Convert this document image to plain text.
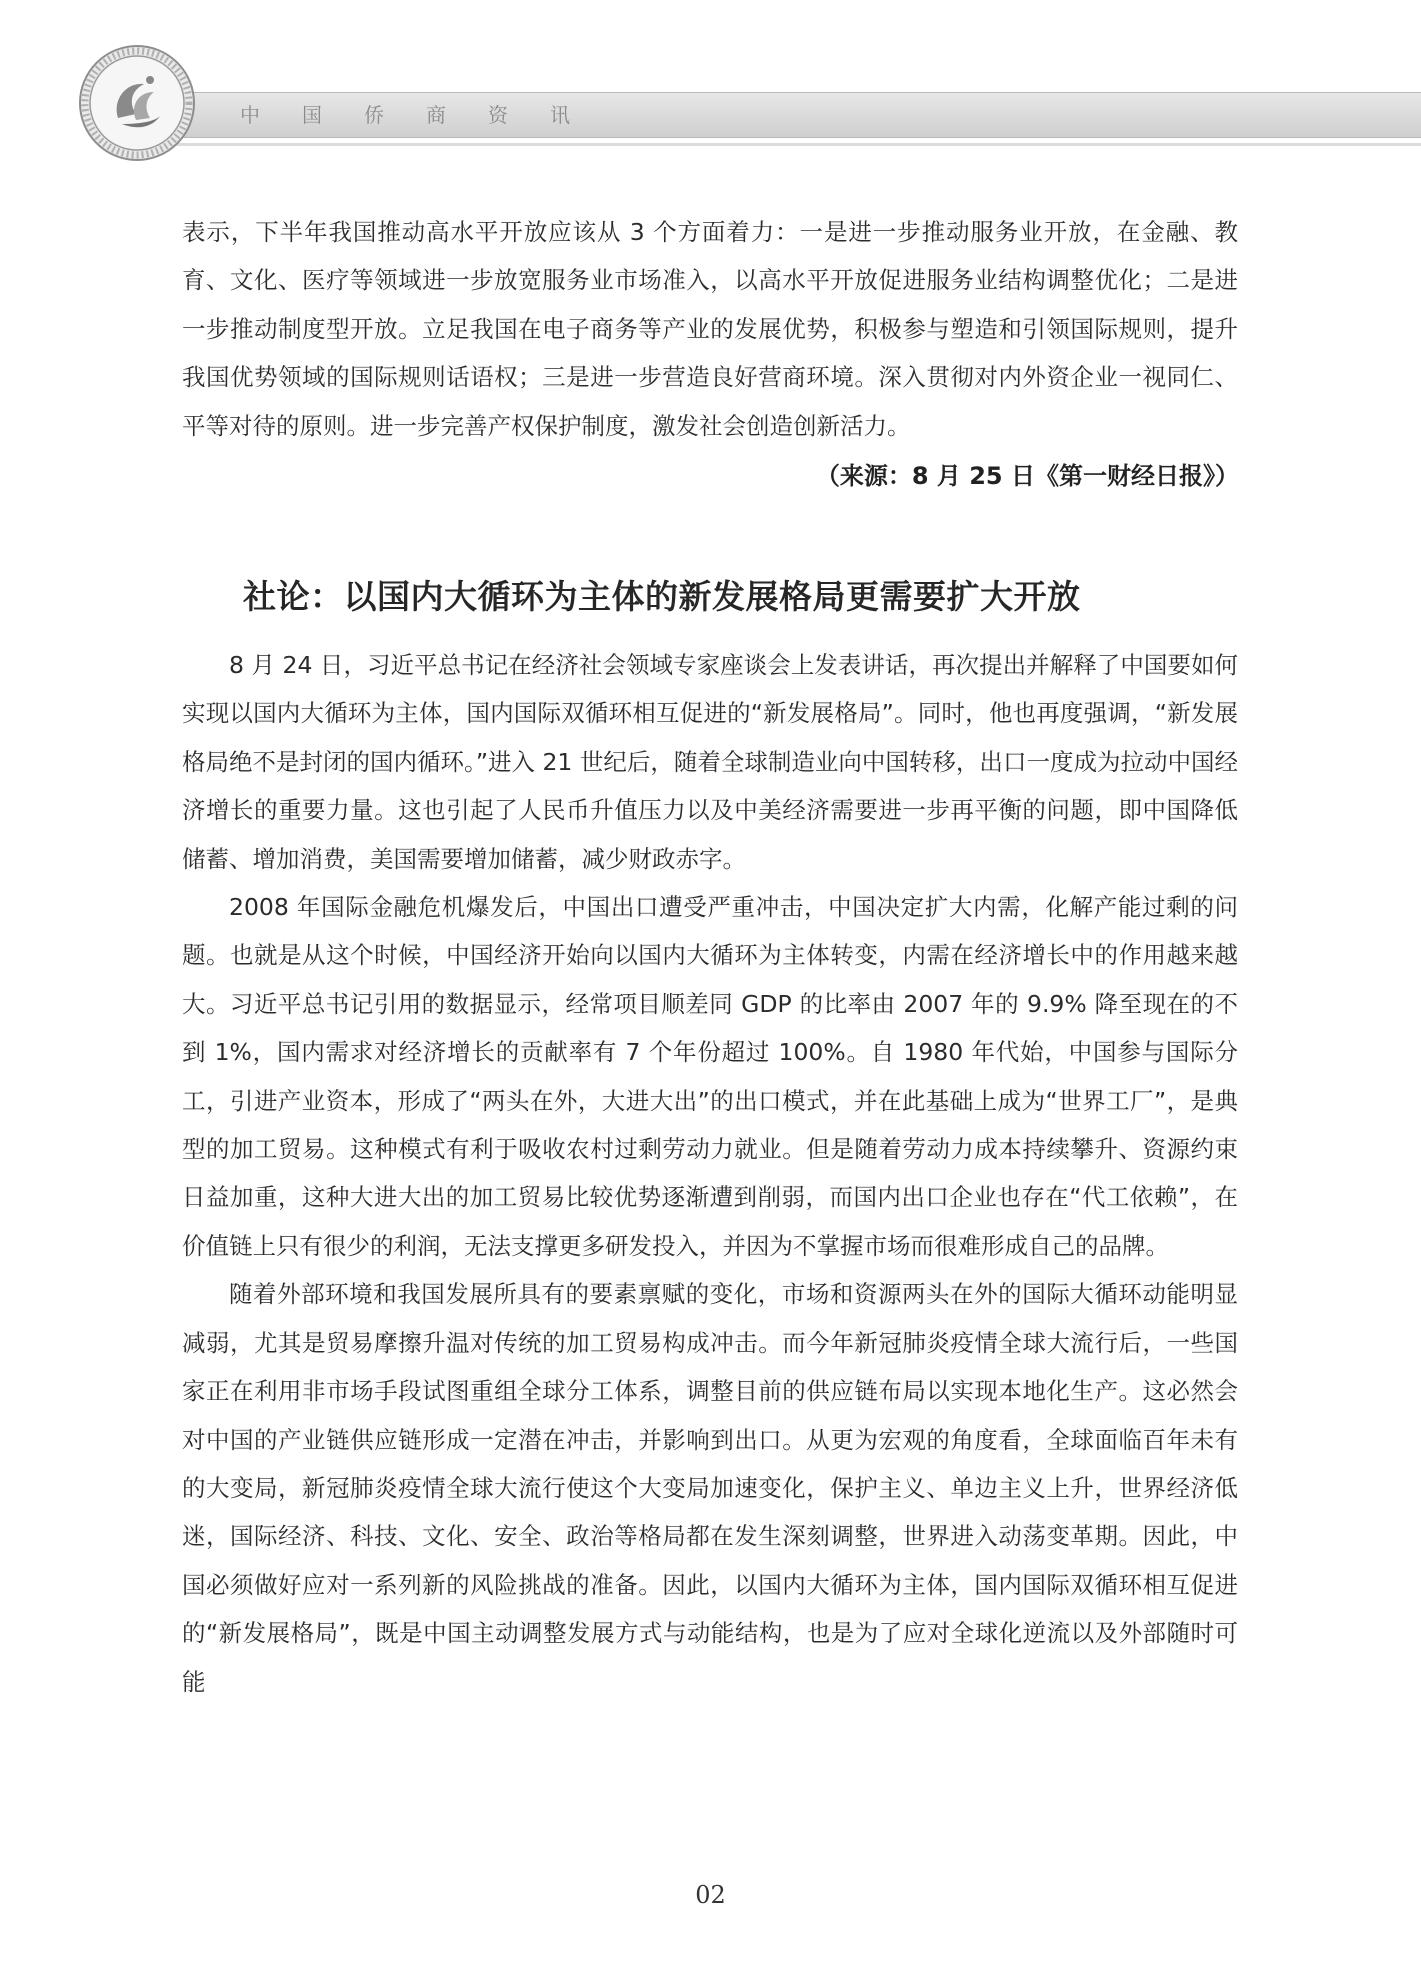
中国侨商资讯

表示，下半年我国推动高水平开放应该从 3 个方面着力：一是进一步推动服务业开放，在金融、教育、文化、医疗等领域进一步放宽服务业市场准入，以高水平开放促进服务业结构调整优化；二是进一步推动制度型开放。立足我国在电子商务等产业的发展优势，积极参与塑造和引领国际规则，提升我国优势领域的国际规则话语权；三是进一步营造良好营商环境。深入贯彻对内外资企业一视同仁、平等对待的原则。进一步完善产权保护制度，激发社会创造创新活力。

（来源：8 月 25 日《第一财经日报》）
社论：以国内大循环为主体的新发展格局更需要扩大开放

8 月 24 日，习近平总书记在经济社会领域专家座谈会上发表讲话，再次提出并解释了中国要如何实现以国内大循环为主体，国内国际双循环相互促进的“新发展格局”。同时，他也再度强调，“新发展格局绝不是封闭的国内循环。”进入 21 世纪后，随着全球制造业向中国转移，出口一度成为拉动中国经济增长的重要力量。这也引起了人民币升值压力以及中美经济需要进一步再平衡的问题，即中国降低储蓄、增加消费，美国需要增加储蓄，减少财政赤字。

2008 年国际金融危机爆发后，中国出口遭受严重冲击，中国决定扩大内需，化解产能过剩的问题。也就是从这个时候，中国经济开始向以国内大循环为主体转变，内需在经济增长中的作用越来越大。习近平总书记引用的数据显示，经常项目顺差同 GDP 的比率由 2007 年的 9.9% 降至现在的不到 1%，国内需求对经济增长的贡献率有 7 个年份超过 100%。自 1980 年代始，中国参与国际分工，引进产业资本，形成了“两头在外，大进大出”的出口模式，并在此基础上成为“世界工厂”，是典型的加工贸易。这种模式有利于吸收农村过剩劳动力就业。但是随着劳动力成本持续攀升、资源约束日益加重，这种大进大出的加工贸易比较优势逐渐遭到削弱，而国内出口企业也存在“代工依赖”，在价值链上只有很少的利润，无法支撑更多研发投入，并因为不掌握市场而很难形成自己的品牌。

随着外部环境和我国发展所具有的要素禀赋的变化，市场和资源两头在外的国际大循环动能明显减弱，尤其是贸易摩擦升温对传统的加工贸易构成冲击。而今年新冠肺炎疫情全球大流行后，一些国家正在利用非市场手段试图重组全球分工体系，调整目前的供应链布局以实现本地化生产。这必然会对中国的产业链供应链形成一定潜在冲击，并影响到出口。从更为宏观的角度看，全球面临百年未有的大变局，新冠肺炎疫情全球大流行使这个大变局加速变化，保护主义、单边主义上升，世界经济低迷，国际经济、科技、文化、安全、政治等格局都在发生深刻调整，世界进入动荡变革期。因此，中国必须做好应对一系列新的风险挑战的准备。因此，以国内大循环为主体，国内国际双循环相互促进的“新发展格局”，既是中国主动调整发展方式与动能结构，也是为了应对全球化逆流以及外部随时可能

02
